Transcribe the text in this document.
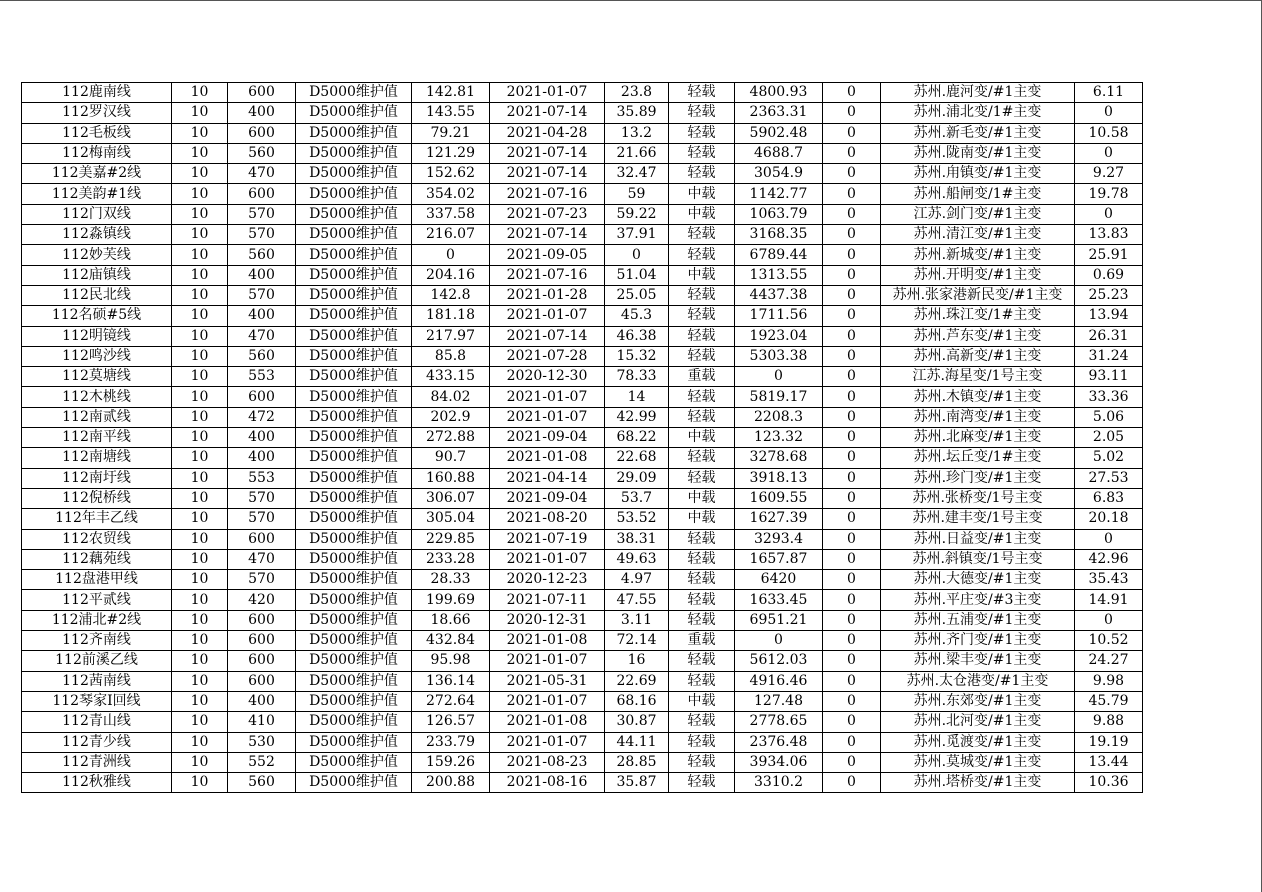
112鹿南线	10	600	D5000维护值	142.81	2021-01-07	23.8	轻载	4800.93	0	苏州.鹿河变/#1主变	6.11
112罗汉线	10	400	D5000维护值	143.55	2021-07-14	35.89	轻载	2363.31	0	苏州.浦北变/1#主变	0
112毛板线	10	600	D5000维护值	79.21	2021-04-28	13.2	轻载	5902.48	0	苏州.新毛变/#1主变	10.58
112梅南线	10	560	D5000维护值	121.29	2021-07-14	21.66	轻载	4688.7	0	苏州.陇南变/#1主变	0
112美嘉#2线	10	470	D5000维护值	152.62	2021-07-14	32.47	轻载	3054.9	0	苏州.甪镇变/#1主变	9.27
112美韵#1线	10	600	D5000维护值	354.02	2021-07-16	59	中载	1142.77	0	苏州.船闸变/1#主变	19.78
112门双线	10	570	D5000维护值	337.58	2021-07-23	59.22	中载	1063.79	0	江苏.剑门变/#1主变	0
112淼镇线	10	570	D5000维护值	216.07	2021-07-14	37.91	轻载	3168.35	0	苏州.清江变/#1主变	13.83
112妙芙线	10	560	D5000维护值	0	2021-09-05	0	轻载	6789.44	0	苏州.新城变/#1主变	25.91
112庙镇线	10	400	D5000维护值	204.16	2021-07-16	51.04	中载	1313.55	0	苏州.开明变/#1主变	0.69
112民北线	10	570	D5000维护值	142.8	2021-01-28	25.05	轻载	4437.38	0	苏州.张家港新民变/#1主变	25.23
112名硕#5线	10	400	D5000维护值	181.18	2021-01-07	45.3	轻载	1711.56	0	苏州.珠江变/1#主变	13.94
112明镜线	10	470	D5000维护值	217.97	2021-07-14	46.38	轻载	1923.04	0	苏州.芦东变/#1主变	26.31
112鸣沙线	10	560	D5000维护值	85.8	2021-07-28	15.32	轻载	5303.38	0	苏州.高新变/#1主变	31.24
112莫塘线	10	553	D5000维护值	433.15	2020-12-30	78.33	重载	0	0	江苏.海星变/1号主变	93.11
112木桃线	10	600	D5000维护值	84.02	2021-01-07	14	轻载	5819.17	0	苏州.木镇变/#1主变	33.36
112南贰线	10	472	D5000维护值	202.9	2021-01-07	42.99	轻载	2208.3	0	苏州.南湾变/#1主变	5.06
112南平线	10	400	D5000维护值	272.88	2021-09-04	68.22	中载	123.32	0	苏州.北麻变/#1主变	2.05
112南塘线	10	400	D5000维护值	90.7	2021-01-08	22.68	轻载	3278.68	0	苏州.坛丘变/1#主变	5.02
112南圩线	10	553	D5000维护值	160.88	2021-04-14	29.09	轻载	3918.13	0	苏州.珍门变/#1主变	27.53
112倪桥线	10	570	D5000维护值	306.07	2021-09-04	53.7	中载	1609.55	0	苏州.张桥变/1号主变	6.83
112年丰乙线	10	570	D5000维护值	305.04	2021-08-20	53.52	中载	1627.39	0	苏州.建丰变/1号主变	20.18
112农贸线	10	600	D5000维护值	229.85	2021-07-19	38.31	轻载	3293.4	0	苏州.日益变/#1主变	0
112藕苑线	10	470	D5000维护值	233.28	2021-01-07	49.63	轻载	1657.87	0	苏州.斜镇变/1号主变	42.96
112盘港甲线	10	570	D5000维护值	28.33	2020-12-23	4.97	轻载	6420	0	苏州.大德变/#1主变	35.43
112平贰线	10	420	D5000维护值	199.69	2021-07-11	47.55	轻载	1633.45	0	苏州.平庄变/#3主变	14.91
112浦北#2线	10	600	D5000维护值	18.66	2020-12-31	3.11	轻载	6951.21	0	苏州.五浦变/#1主变	0
112齐南线	10	600	D5000维护值	432.84	2021-01-08	72.14	重载	0	0	苏州.齐门变/#1主变	10.52
112前溪乙线	10	600	D5000维护值	95.98	2021-01-07	16	轻载	5612.03	0	苏州.梁丰变/#1主变	24.27
112茜南线	10	600	D5000维护值	136.14	2021-05-31	22.69	轻载	4916.46	0	苏州.太仓港变/#1主变	9.98
112琴家Ⅰ回线	10	400	D5000维护值	272.64	2021-01-07	68.16	中载	127.48	0	苏州.东郊变/#1主变	45.79
112青山线	10	410	D5000维护值	126.57	2021-01-08	30.87	轻载	2778.65	0	苏州.北河变/#1主变	9.88
112青少线	10	530	D5000维护值	233.79	2021-01-07	44.11	轻载	2376.48	0	苏州.觅渡变/#1主变	19.19
112青洲线	10	552	D5000维护值	159.26	2021-08-23	28.85	轻载	3934.06	0	苏州.莫城变/#1主变	13.44
112秋雅线	10	560	D5000维护值	200.88	2021-08-16	35.87	轻载	3310.2	0	苏州.塔桥变/#1主变	10.36
